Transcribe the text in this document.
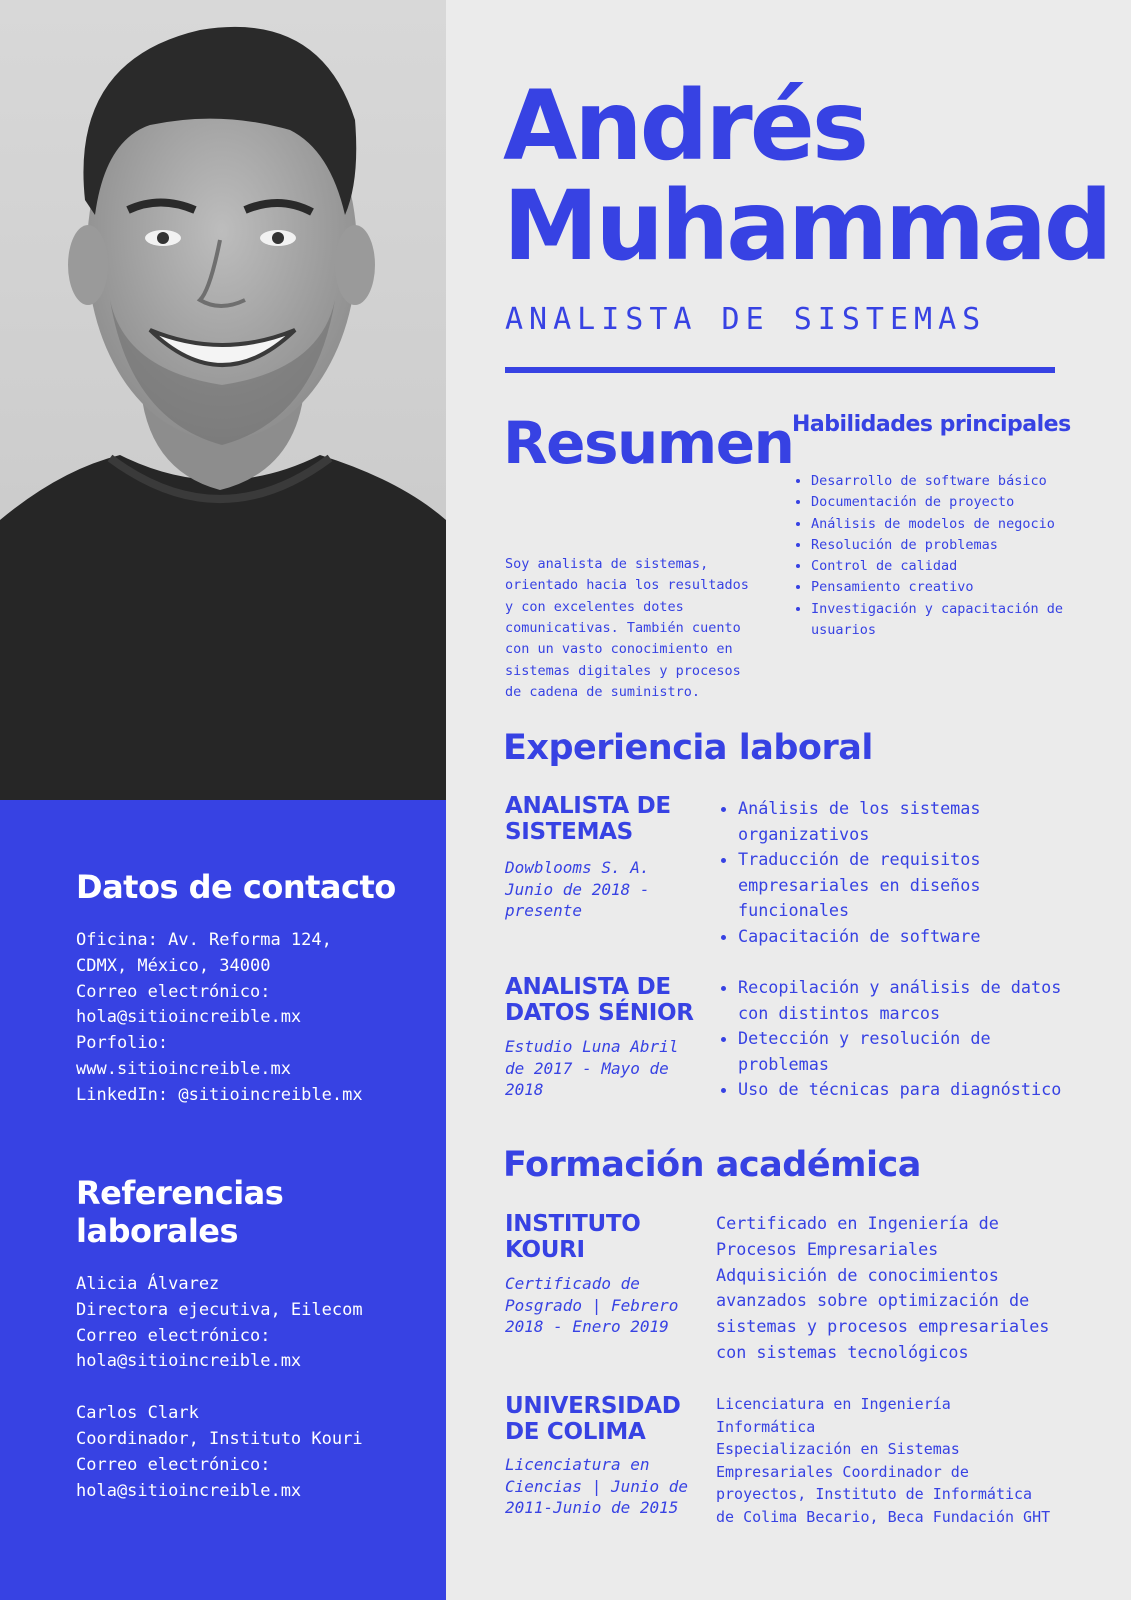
Datos de contacto
Oficina: Av. Reforma 124,
CDMX, México, 34000
Correo electrónico:
hola@sitioincreible.mx
Porfolio:
www.sitioincreible.mx
LinkedIn: @sitioincreible.mx
Referencias laborales
Alicia Álvarez
Directora ejecutiva, Eilecom
Correo electrónico:
hola@sitioincreible.mx
Carlos Clark
Coordinador, Instituto Kouri
Correo electrónico:
hola@sitioincreible.mx
Andrés
Muhammad
ANALISTA DE SISTEMAS
Resumen

Soy analista de sistemas,
orientado hacia los resultados
y con excelentes dotes
comunicativas. También cuento
con un vasto conocimiento en
sistemas digitales y procesos
de cadena de suministro.

Habilidades principales
• Desarrollo de software básico
• Documentación de proyecto
• Análisis de modelos de negocio
• Resolución de problemas
• Control de calidad
• Pensamiento creativo
• Investigación y capacitación de usuarios
Experiencia laboral
ANALISTA DE SISTEMAS
Dowblooms S. A.
Junio de 2018 -
presente
• Análisis de los sistemas organizativos
• Traducción de requisitos empresariales en diseños funcionales
• Capacitación de software
ANALISTA DE DATOS SÉNIOR
Estudio Luna Abril
de 2017 - Mayo de
2018
• Recopilación y análisis de datos con distintos marcos
• Detección y resolución de problemas
• Uso de técnicas para diagnóstico
Formación académica
INSTITUTO KOURI
Certificado de
Posgrado | Febrero
2018 - Enero 2019
Certificado en Ingeniería de
Procesos Empresariales
Adquisición de conocimientos
avanzados sobre optimización de
sistemas y procesos empresariales
con sistemas tecnológicos
UNIVERSIDAD DE COLIMA
Licenciatura en
Ciencias | Junio de
2011-Junio de 2015
Licenciatura en Ingeniería
Informática
Especialización en Sistemas
Empresariales Coordinador de
proyectos, Instituto de Informática
de Colima Becario, Beca Fundación GHT
